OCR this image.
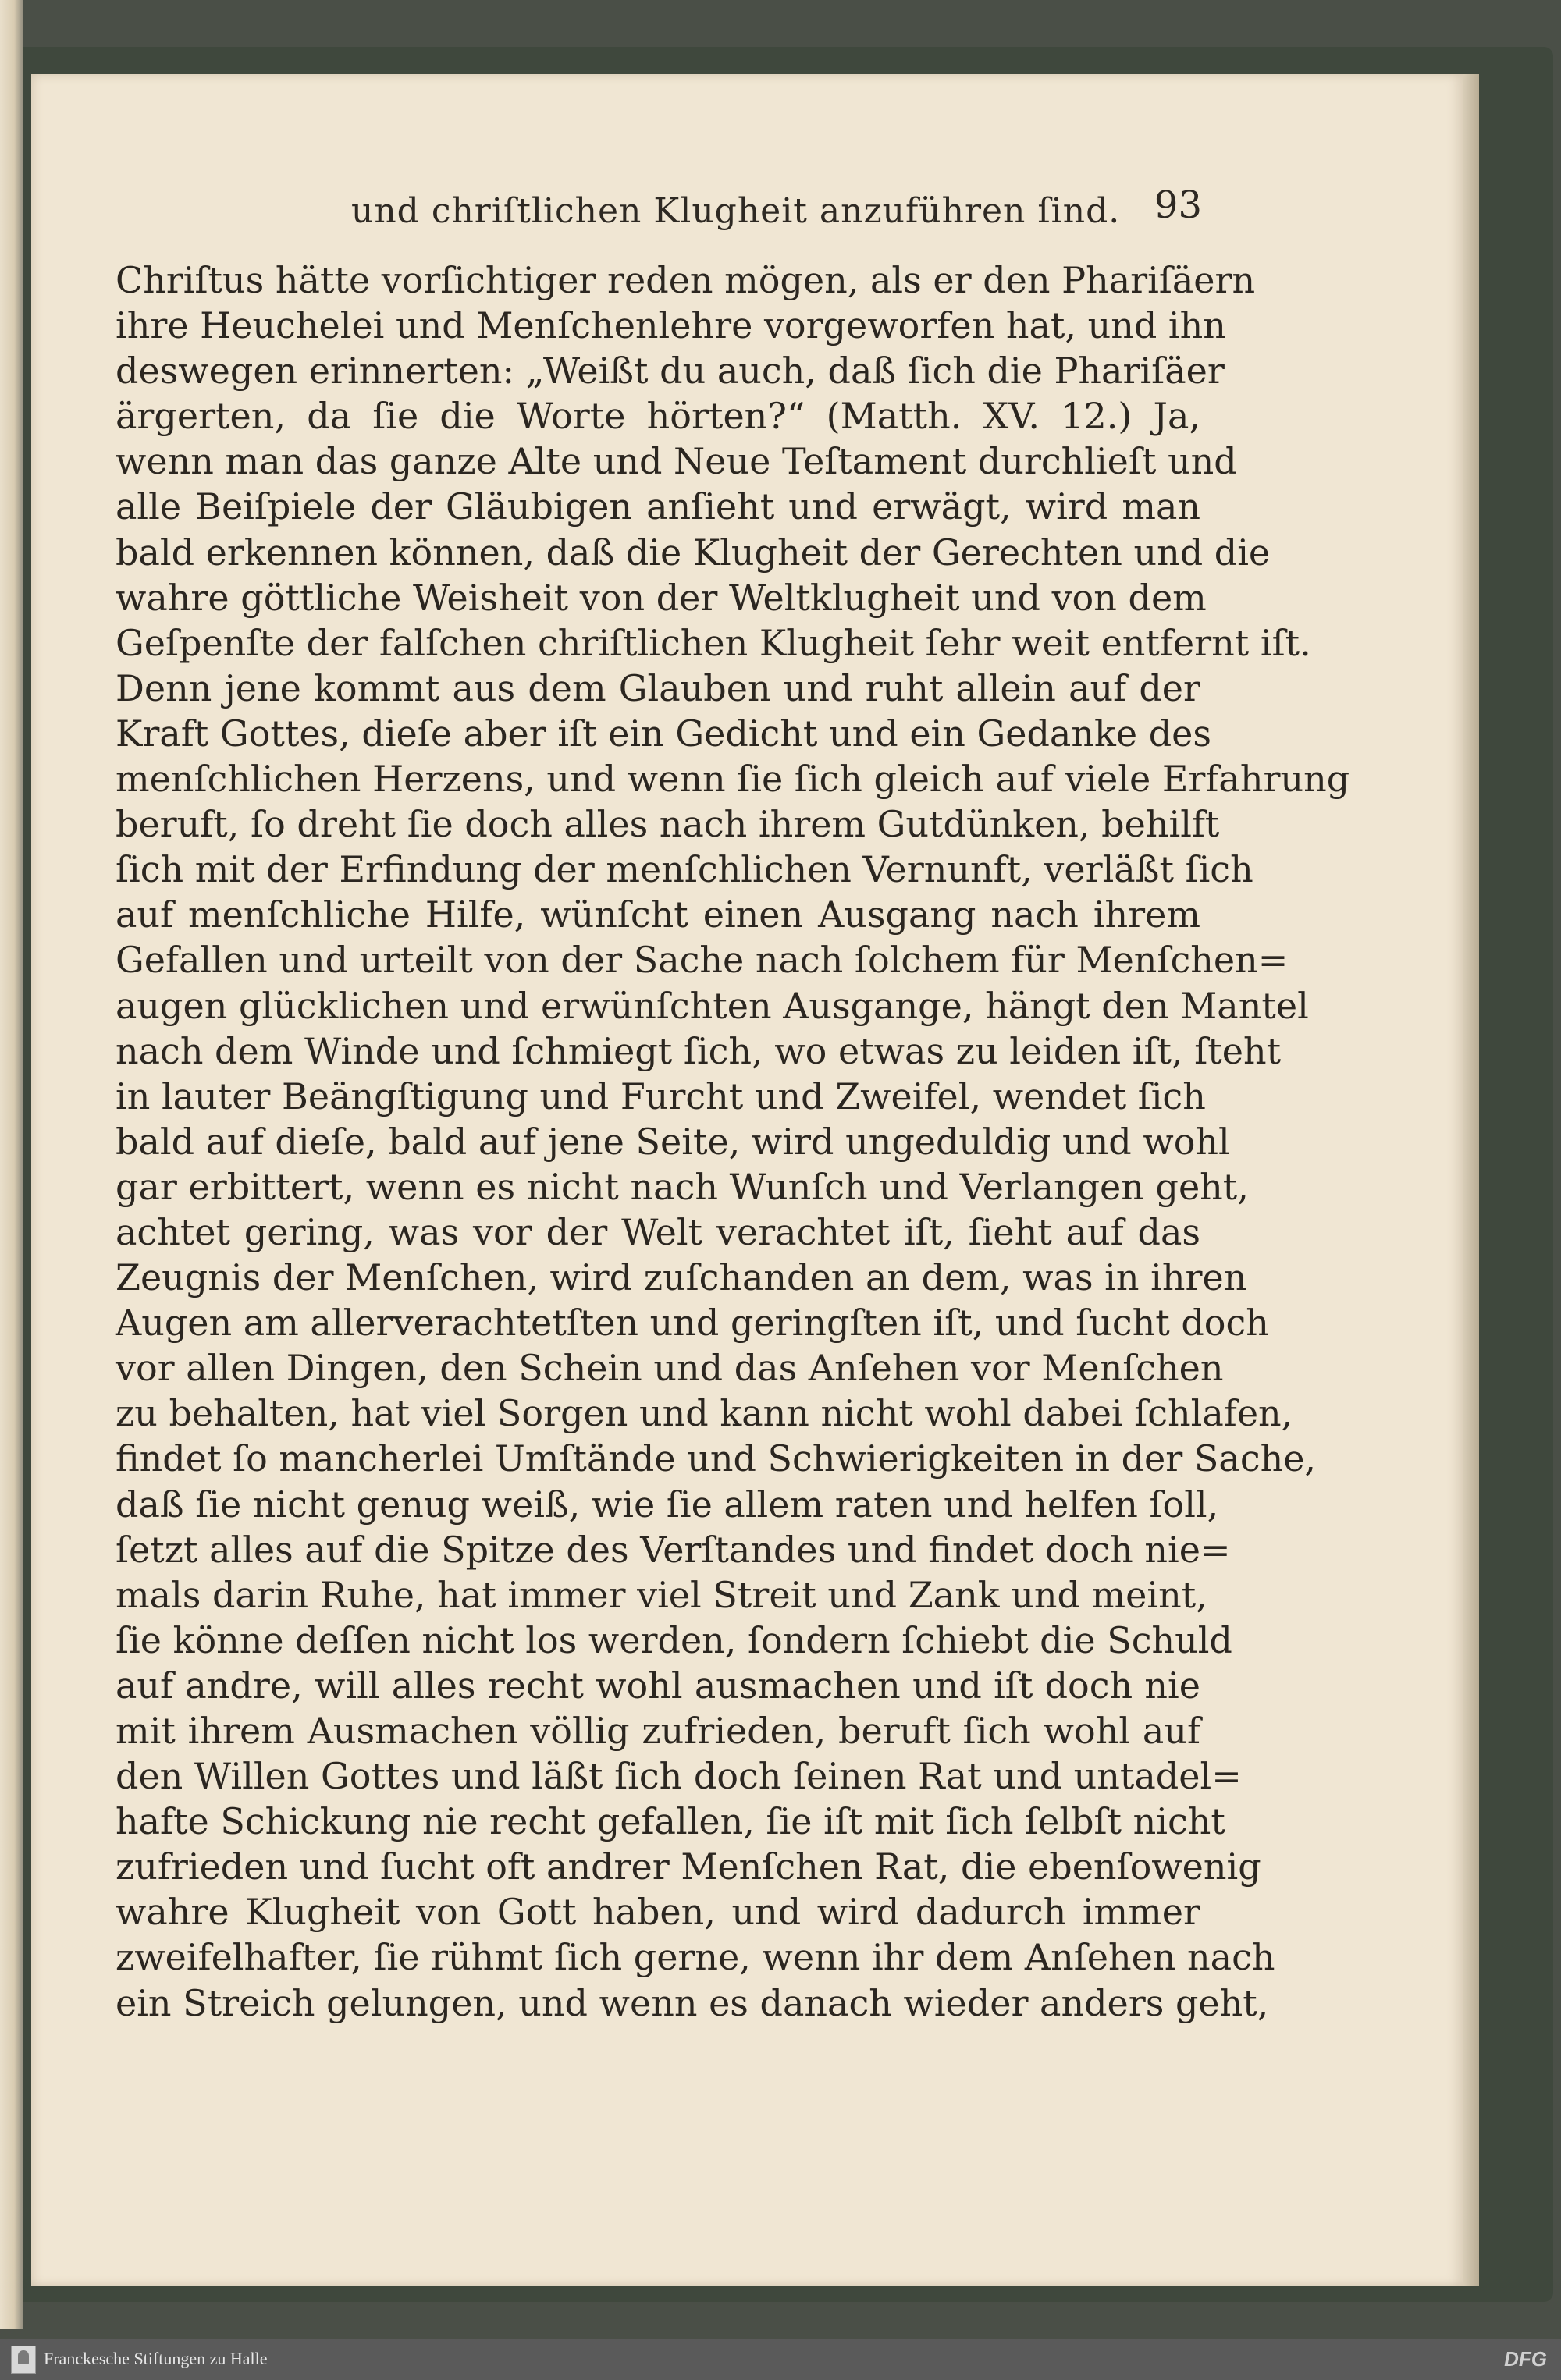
und chriſtlichen Klugheit anzuführen ſind. 93
Chriſtus hätte vorſichtiger reden mögen, als er den Phariſäern
ihre Heuchelei und Menſchenlehre vorgeworfen hat, und ihn
deswegen erinnerten: „Weißt du auch, daß ſich die Phariſäer
ärgerten, da ſie die Worte hörten?“ (Matth. XV. 12.) Ja,
wenn man das ganze Alte und Neue Teſtament durchlieſt und
alle Beiſpiele der Gläubigen anſieht und erwägt, wird man
bald erkennen können, daß die Klugheit der Gerechten und die
wahre göttliche Weisheit von der Weltklugheit und von dem
Geſpenſte der falſchen chriſtlichen Klugheit ſehr weit entfernt iſt.
Denn jene kommt aus dem Glauben und ruht allein auf der
Kraft Gottes, dieſe aber iſt ein Gedicht und ein Gedanke des
menſchlichen Herzens, und wenn ſie ſich gleich auf viele Erfahrung
beruft, ſo dreht ſie doch alles nach ihrem Gutdünken, behilft
ſich mit der Erfindung der menſchlichen Vernunft, verläßt ſich
auf menſchliche Hilfe, wünſcht einen Ausgang nach ihrem
Gefallen und urteilt von der Sache nach ſolchem für Menſchen=
augen glücklichen und erwünſchten Ausgange, hängt den Mantel
nach dem Winde und ſchmiegt ſich, wo etwas zu leiden iſt, ſteht
in lauter Beängſtigung und Furcht und Zweifel, wendet ſich
bald auf dieſe, bald auf jene Seite, wird ungeduldig und wohl
gar erbittert, wenn es nicht nach Wunſch und Verlangen geht,
achtet gering, was vor der Welt verachtet iſt, ſieht auf das
Zeugnis der Menſchen, wird zuſchanden an dem, was in ihren
Augen am allerverachtetſten und geringſten iſt, und ſucht doch
vor allen Dingen, den Schein und das Anſehen vor Menſchen
zu behalten, hat viel Sorgen und kann nicht wohl dabei ſchlafen,
findet ſo mancherlei Umſtände und Schwierigkeiten in der Sache,
daß ſie nicht genug weiß, wie ſie allem raten und helfen ſoll,
ſetzt alles auf die Spitze des Verſtandes und findet doch nie=
mals darin Ruhe, hat immer viel Streit und Zank und meint,
ſie könne deſſen nicht los werden, ſondern ſchiebt die Schuld
auf andre, will alles recht wohl ausmachen und iſt doch nie
mit ihrem Ausmachen völlig zufrieden, beruft ſich wohl auf
den Willen Gottes und läßt ſich doch ſeinen Rat und untadel=
hafte Schickung nie recht gefallen, ſie iſt mit ſich ſelbſt nicht
zufrieden und ſucht oft andrer Menſchen Rat, die ebenſowenig
wahre Klugheit von Gott haben, und wird dadurch immer
zweifelhafter, ſie rühmt ſich gerne, wenn ihr dem Anſehen nach
ein Streich gelungen, und wenn es danach wieder anders geht,
Franckesche Stiftungen zu Halle	DFG
